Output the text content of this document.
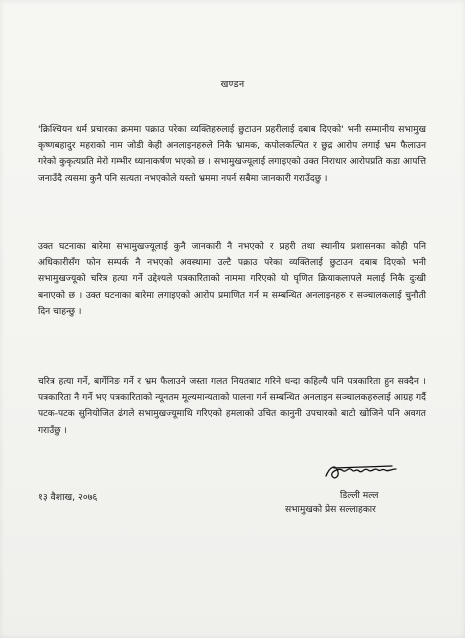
खण्डन

'क्रिश्चियन धर्म प्रचारका क्रममा पक्राउ परेका व्यक्तिहरुलाई छुटाउन प्रहरीलाई दबाब दिएको' भनी सम्मानीय सभामुख कृष्णबहादुर महराको नाम जोडी केही अनलाइनहरुले निकै भ्रामक, कपोलकल्पित र छुद्र आरोप लगाई भ्रम फैलाउन गरेको कुकृत्यप्रति मेरो गम्भीर ध्यानाकर्षण भएको छ । सभामुखज्यूलाई लगाइएको उक्त निराधार आरोपप्रति कडा आपत्ति जनाउँदै त्यसमा कुनै पनि सत्यता नभएकोले यस्तो भ्रममा नपर्न सबैमा जानकारी गराउँदछु ।

उक्त घटनाका बारेमा सभामुखज्यूलाई कुनै जानकारी नै नभएको र प्रहरी तथा स्थानीय प्रशासनका कोही पनि अधिकारीसँग फोन सम्पर्क नै नभएको अवस्थामा उल्टै पक्राउ परेका व्यक्तिलाई छुटाउन दबाब दिएको भनी सभामुखज्यूको चरित्र हत्या गर्ने उद्देश्यले पत्रकारिताको नाममा गरिएको यो घृणित क्रियाकलापले मलाई निकै दुःखी बनाएको छ । उक्त घटनाका बारेमा लगाइएको आरोप प्रमाणित गर्न म सम्बन्धित अनलाइनहरु र सञ्चालकलाई चुनौती दिन चाहन्छु ।

चरित्र हत्या गर्ने, बार्गेनिङ गर्ने र भ्रम फैलाउने जस्ता गलत नियतबाट गरिने धन्दा कहिल्यै पनि पत्रकारिता हुन सक्दैन । पत्रकारिता नै गर्ने भए पत्रकारिताको न्यूनतम मूल्यमान्यताको पालना गर्न सम्बन्धित अनलाइन सञ्चालकहरुलाई आग्रह गर्दै पटक-पटक सुनियोजित ढंगले सभामुखज्यूमाथि गरिएको हमलाको उचित कानुनी उपचारको बाटो खोजिने पनि अवगत गराउँछु ।

१३ वैशाख, २०७६	डिल्ली मल्ल
सभामुखको प्रेस सल्लाहकार
